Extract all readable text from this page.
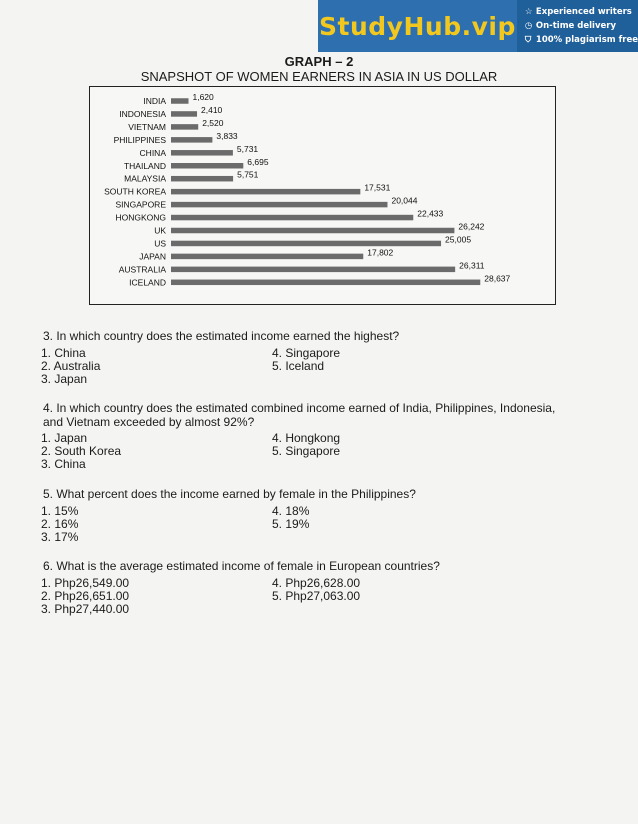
StudyHub.vip ☆ Experienced writers
◷ On-time delivery
⛉ 100% plagiarism free
GRAPH – 2
SNAPSHOT OF WOMEN EARNERS IN ASIA IN US DOLLAR
INDIA	1,620
INDONESIA	2,410
VIETNAM	2,520
PHILIPPINES	3,833
CHINA	5,731
THAILAND	6,695
MALAYSIA	5,751
SOUTH KOREA	17,531
SINGAPORE	20,044
HONGKONG	22,433
UK	26,242
US	25,005
JAPAN	17,802
AUSTRALIA	26,311
ICELAND	28,637
3. In which country does the estimated income earned the highest?
1. China
2. Australia
3. Japan
4. Singapore
5. Iceland
4. In which country does the estimated combined income earned of India, Philippines, Indonesia,
and Vietnam exceeded by almost 92%?
1. Japan
2. South Korea
3. China
4. Hongkong
5. Singapore
5. What percent does the income earned by female in the Philippines?
1. 15%
2. 16%
3. 17%
4. 18%
5. 19%
6. What is the average estimated income of female in European countries?
1. Php26,549.00
2. Php26,651.00
3. Php27,440.00
4. Php26,628.00
5. Php27,063.00
